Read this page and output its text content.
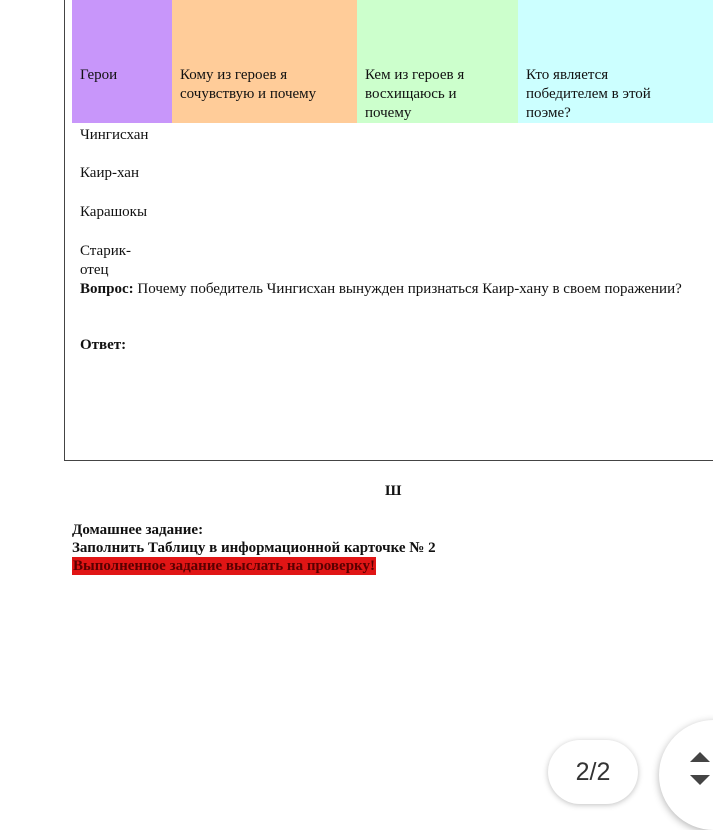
Герои	Кому из героев я сочувствую и почему
Кем из героев я восхищаюсь и почему
Кто является победителем в этой поэме?
Чингисхан
Каир-хан
Карашокы
Старик-отец
Вопрос: Почему победитель Чингисхан вынужден признаться Каир-хану в своем поражении?
Ответ:
Ш
Домашнее задание:
Заполнить Таблицу в информационной карточке № 2
Выполненное задание выслать на проверку!
2/2
